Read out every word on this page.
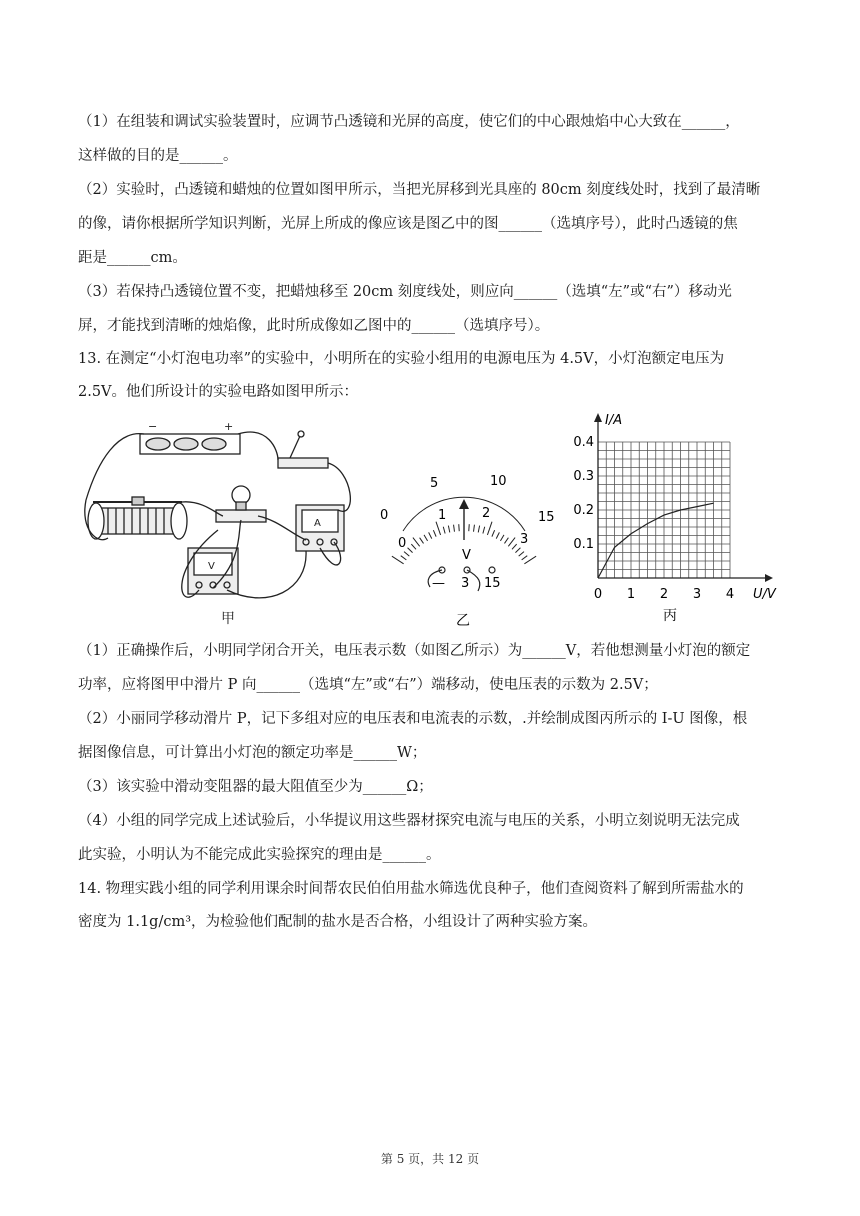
（1）在组装和调试实验装置时，应调节凸透镜和光屏的高度，使它们的中心跟烛焰中心大致在______，
这样做的目的是______。
（2）实验时，凸透镜和蜡烛的位置如图甲所示，当把光屏移到光具座的 80cm 刻度线处时，找到了最清晰
的像，请你根据所学知识判断，光屏上所成的像应该是图乙中的图______（选填序号），此时凸透镜的焦
距是______cm。
（3）若保持凸透镜位置不变，把蜡烛移至 20cm 刻度线处，则应向______（选填“左”或“右”）移动光
屏，才能找到清晰的烛焰像，此时所成像如乙图中的______（选填序号）。
13. 在测定“小灯泡电功率”的实验中，小明所在的实验小组用的电源电压为 4.5V，小灯泡额定电压为
2.5V。他们所设计的实验电路如图甲所示：
（1）正确操作后，小明同学闭合开关，电压表示数（如图乙所示）为______V，若他想测量小灯泡的额定
功率，应将图甲中滑片 P 向______（选填“左”或“右”）端移动，使电压表的示数为 2.5V；
（2）小丽同学移动滑片 P，记下多组对应的电压表和电流表的示数，.并绘制成图丙所示的 I-U 图像，根
据图像信息，可计算出小灯泡的额定功率是______W；
（3）该实验中滑动变阻器的最大阻值至少为______Ω；
（4）小组的同学完成上述试验后，小华提议用这些器材探究电流与电压的关系，小明立刻说明无法完成
此实验，小明认为不能完成此实验探究的理由是______。
14. 物理实践小组的同学利用课余时间帮农民伯伯用盐水筛选优良种子，他们查阅资料了解到所需盐水的
密度为 1.1g/cm³，为检验他们配制的盐水是否合格，小组设计了两种实验方案。
−	+
A
V
甲
0
5	10
15
0
1	2
3
V
— 3 15
乙
0 1 2 3 4
0.1
0.2
0.3
0.4
I/A
U/V
丙
第 5 页，共 12 页
